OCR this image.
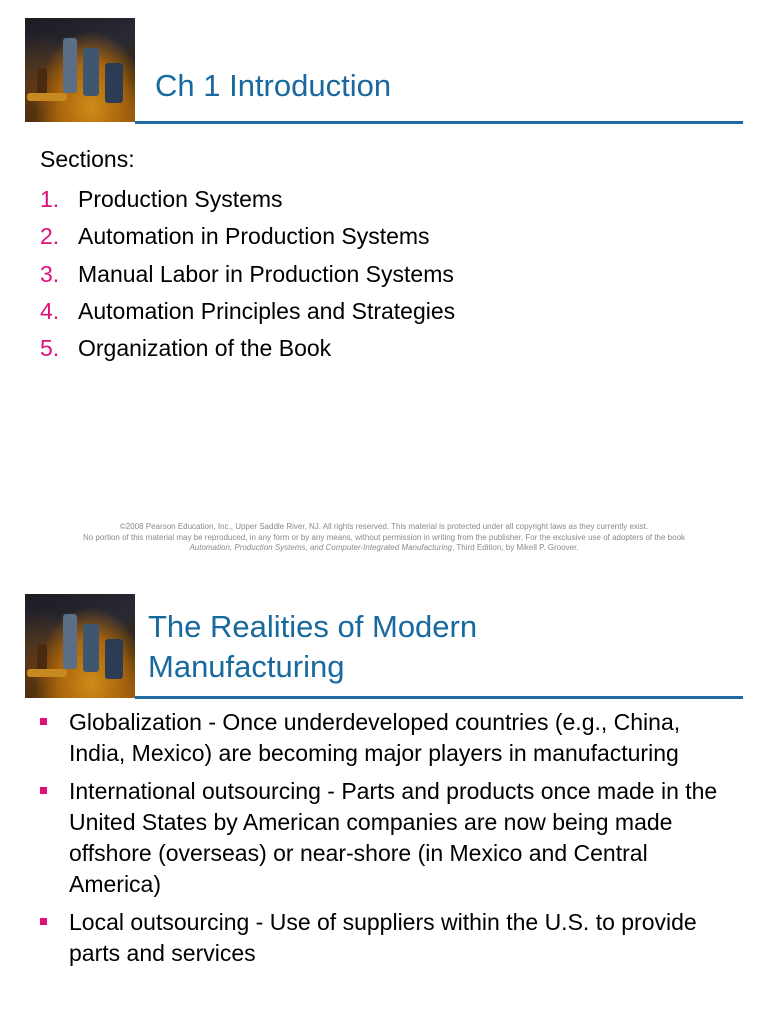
Ch 1 Introduction
Sections:
1. Production Systems
2. Automation in Production Systems
3. Manual Labor in Production Systems
4. Automation Principles and Strategies
5. Organization of the Book
©2008 Pearson Education, Inc., Upper Saddle River, NJ. All rights reserved. This material is protected under all copyright laws as they currently exist.
No portion of this material may be reproduced, in any form or by any means, without permission in writing from the publisher. For the exclusive use of adopters of the book
Automation, Production Systems, and Computer-Integrated Manufacturing, Third Edition, by Mikell P. Groover.
The Realities of Modern
Manufacturing
Globalization - Once underdeveloped countries (e.g., China, India, Mexico) are becoming major players in manufacturing
International outsourcing - Parts and products once made in the United States by American companies are now being made offshore (overseas) or near-shore (in Mexico and Central America)
Local outsourcing - Use of suppliers within the U.S. to provide parts and services
